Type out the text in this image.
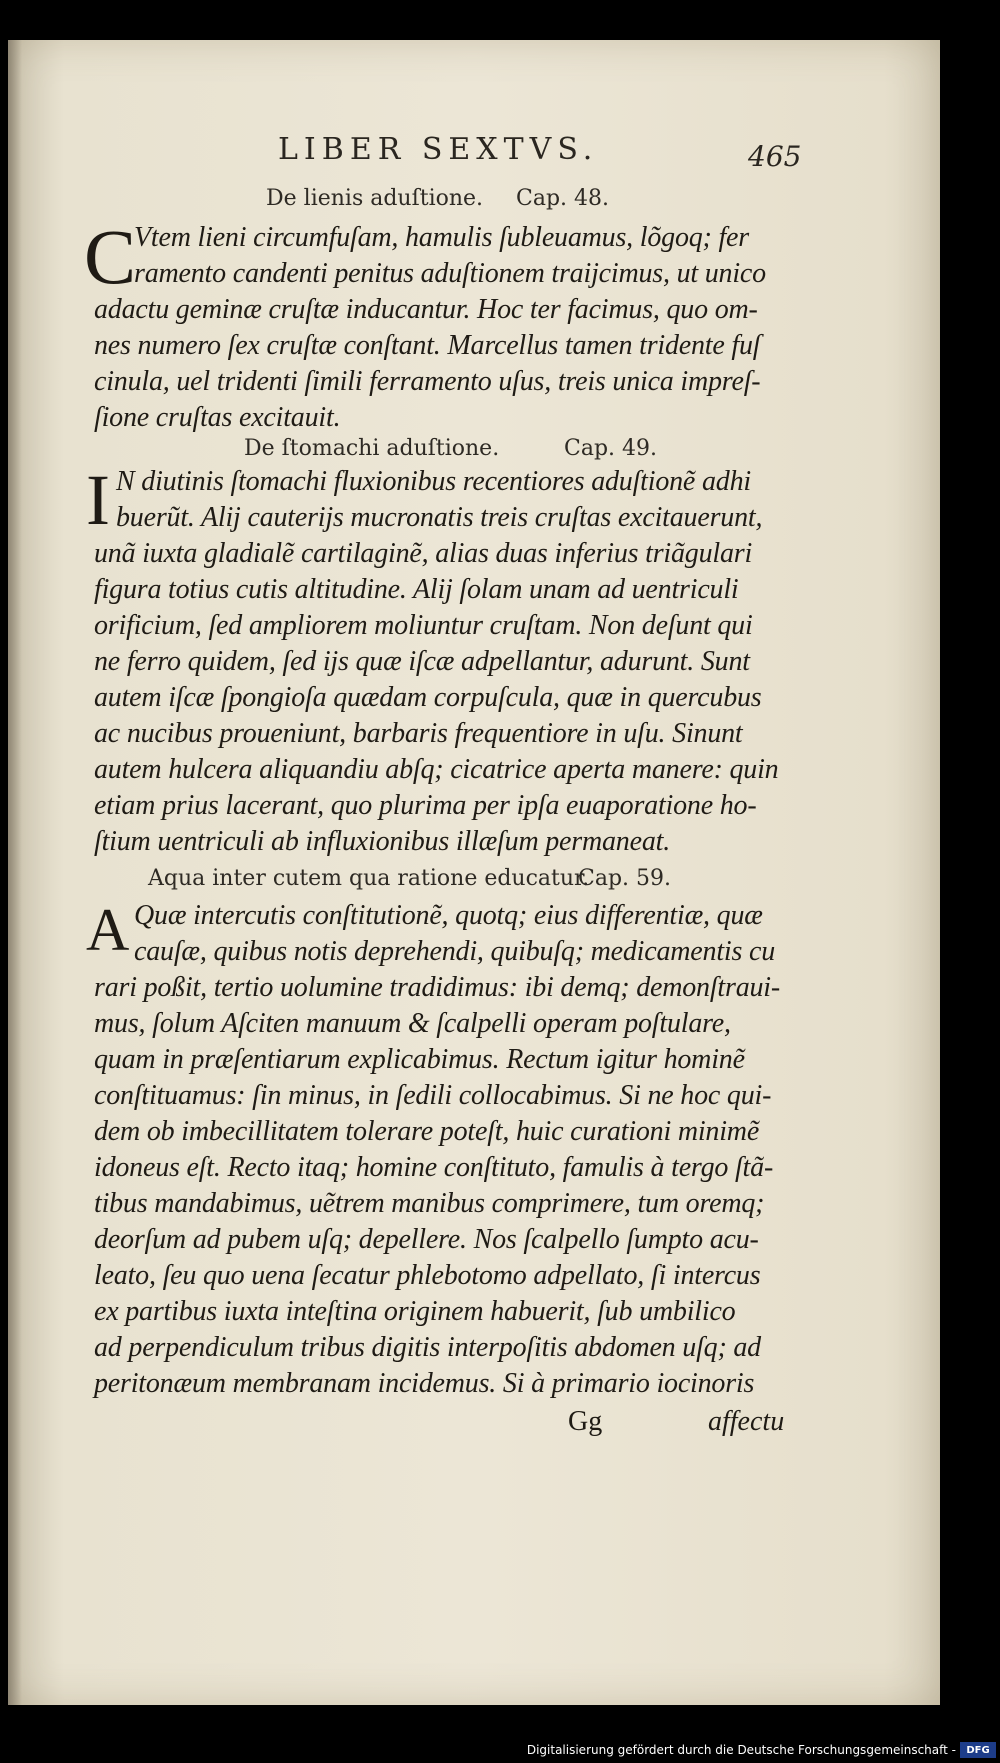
LIBER SEXTVS.	465
De lienis aduſtione. Cap. 48.
C
Vtem lieni circumfuſam, hamulis ſubleuamus, lõgoq; fer
ramento candenti penitus aduſtionem traijcimus, ut unico
adactu geminæ cruſtæ inducantur. Hoc ter facimus, quo om-
nes numero ſex cruſtæ conſtant. Marcellus tamen tridente fuſ
cinula, uel tridenti ſimili ferramento uſus, treis unica impreſ-
ſione cruſtas excitauit.
De ſtomachi aduſtione.	Cap. 49.
I N diutinis ſtomachi fluxionibus recentiores aduſtionẽ adhi
buerũt. Alij cauterijs mucronatis treis cruſtas excitauerunt,
unã iuxta gladialẽ cartilaginẽ, alias duas inferius triãgulari
figura totius cutis altitudine. Alij ſolam unam ad uentriculi
orificium, ſed ampliorem moliuntur cruſtam. Non deſunt qui
ne ferro quidem, ſed ijs quæ iſcæ adpellantur, adurunt. Sunt
autem iſcæ ſpongioſa quædam corpuſcula, quæ in quercubus
ac nucibus proueniunt, barbaris frequentiore in uſu. Sinunt
autem hulcera aliquandiu abſq; cicatrice aperta manere: quin
etiam prius lacerant, quo plurima per ipſa euaporatione ho-
ſtium uentriculi ab influxionibus illæſum permaneat.
Aqua inter cutem qua ratione educatur.
Cap. 59.
A Quæ intercutis conſtitutionẽ, quotq; eius differentiæ, quæ
cauſæ, quibus notis deprehendi, quibuſq; medicamentis cu
rari poßit, tertio uolumine tradidimus: ibi demq; demonſtraui-
mus, ſolum Aſciten manuum & ſcalpelli operam poſtulare,
quam in præſentiarum explicabimus. Rectum igitur hominẽ
conſtituamus: ſin minus, in ſedili collocabimus. Si ne hoc qui-
dem ob imbecillitatem tolerare poteſt, huic curationi minimẽ
idoneus eſt. Recto itaq; homine conſtituto, famulis à tergo ſtã-
tibus mandabimus, uẽtrem manibus comprimere, tum oremq;
deorſum ad pubem uſq; depellere. Nos ſcalpello ſumpto acu-
leato, ſeu quo uena ſecatur phlebotomo adpellato, ſi intercus
ex partibus iuxta inteſtina originem habuerit, ſub umbilico
ad perpendiculum tribus digitis interpoſitis abdomen uſq; ad
peritonæum membranam incidemus. Si à primario iocinoris
Gg	affectu
Digitalisierung gefördert durch die Deutsche Forschungsgemeinschaft -	DFG
